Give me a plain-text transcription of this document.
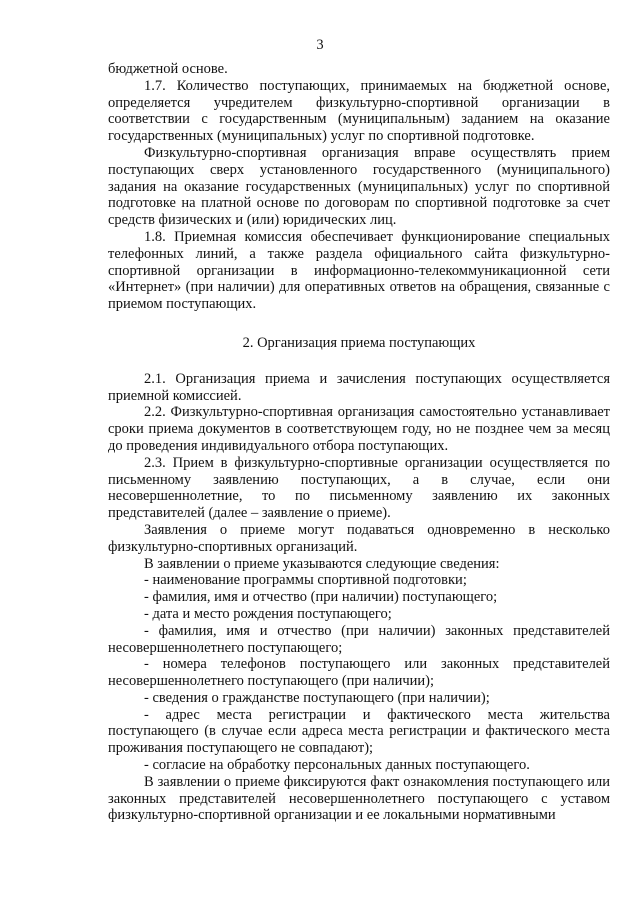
3

бюджетной основе.

1.7. Количество поступающих, принимаемых на бюджетной основе, определяется учредителем физкультурно-спортивной организации в соответствии с государственным (муниципальным) заданием на оказание государственных (муниципальных) услуг по спортивной подготовке.

Физкультурно-спортивная организация вправе осуществлять прием поступающих сверх установленного государственного (муниципального) задания на оказание государственных (муниципальных) услуг по спортивной подготовке на платной основе по договорам по спортивной подготовке за счет средств физических и (или) юридических лиц.

1.8. Приемная комиссия обеспечивает функционирование специальных телефонных линий, а также раздела официального сайта физкультурно-спортивной организации в информационно-телекоммуникационной сети «Интернет» (при наличии) для оперативных ответов на обращения, связанные с приемом поступающих.

2. Организация приема поступающих

2.1. Организация приема и зачисления поступающих осуществляется приемной комиссией.

2.2. Физкультурно-спортивная организация самостоятельно устанавливает сроки приема документов в соответствующем году, но не позднее чем за месяц до проведения индивидуального отбора поступающих.

2.3. Прием в физкультурно-спортивные организации осуществляется по письменному заявлению поступающих, а в случае, если они несовершеннолетние, то по письменному заявлению их законных представителей (далее – заявление о приеме).

Заявления о приеме могут подаваться одновременно в несколько физкультурно-спортивных организаций.

В заявлении о приеме указываются следующие сведения:

- наименование программы спортивной подготовки;

- фамилия, имя и отчество (при наличии) поступающего;

- дата и место рождения поступающего;

- фамилия, имя и отчество (при наличии) законных представителей несовершеннолетнего поступающего;

- номера телефонов поступающего или законных представителей несовершеннолетнего поступающего (при наличии);

- сведения о гражданстве поступающего (при наличии);

- адрес места регистрации и фактического места жительства поступающего (в случае если адреса места регистрации и фактического места проживания поступающего не совпадают);

- согласие на обработку персональных данных поступающего.

В заявлении о приеме фиксируются факт ознакомления поступающего или законных представителей несовершеннолетнего поступающего с уставом физкультурно-спортивной организации и ее локальными нормативными
